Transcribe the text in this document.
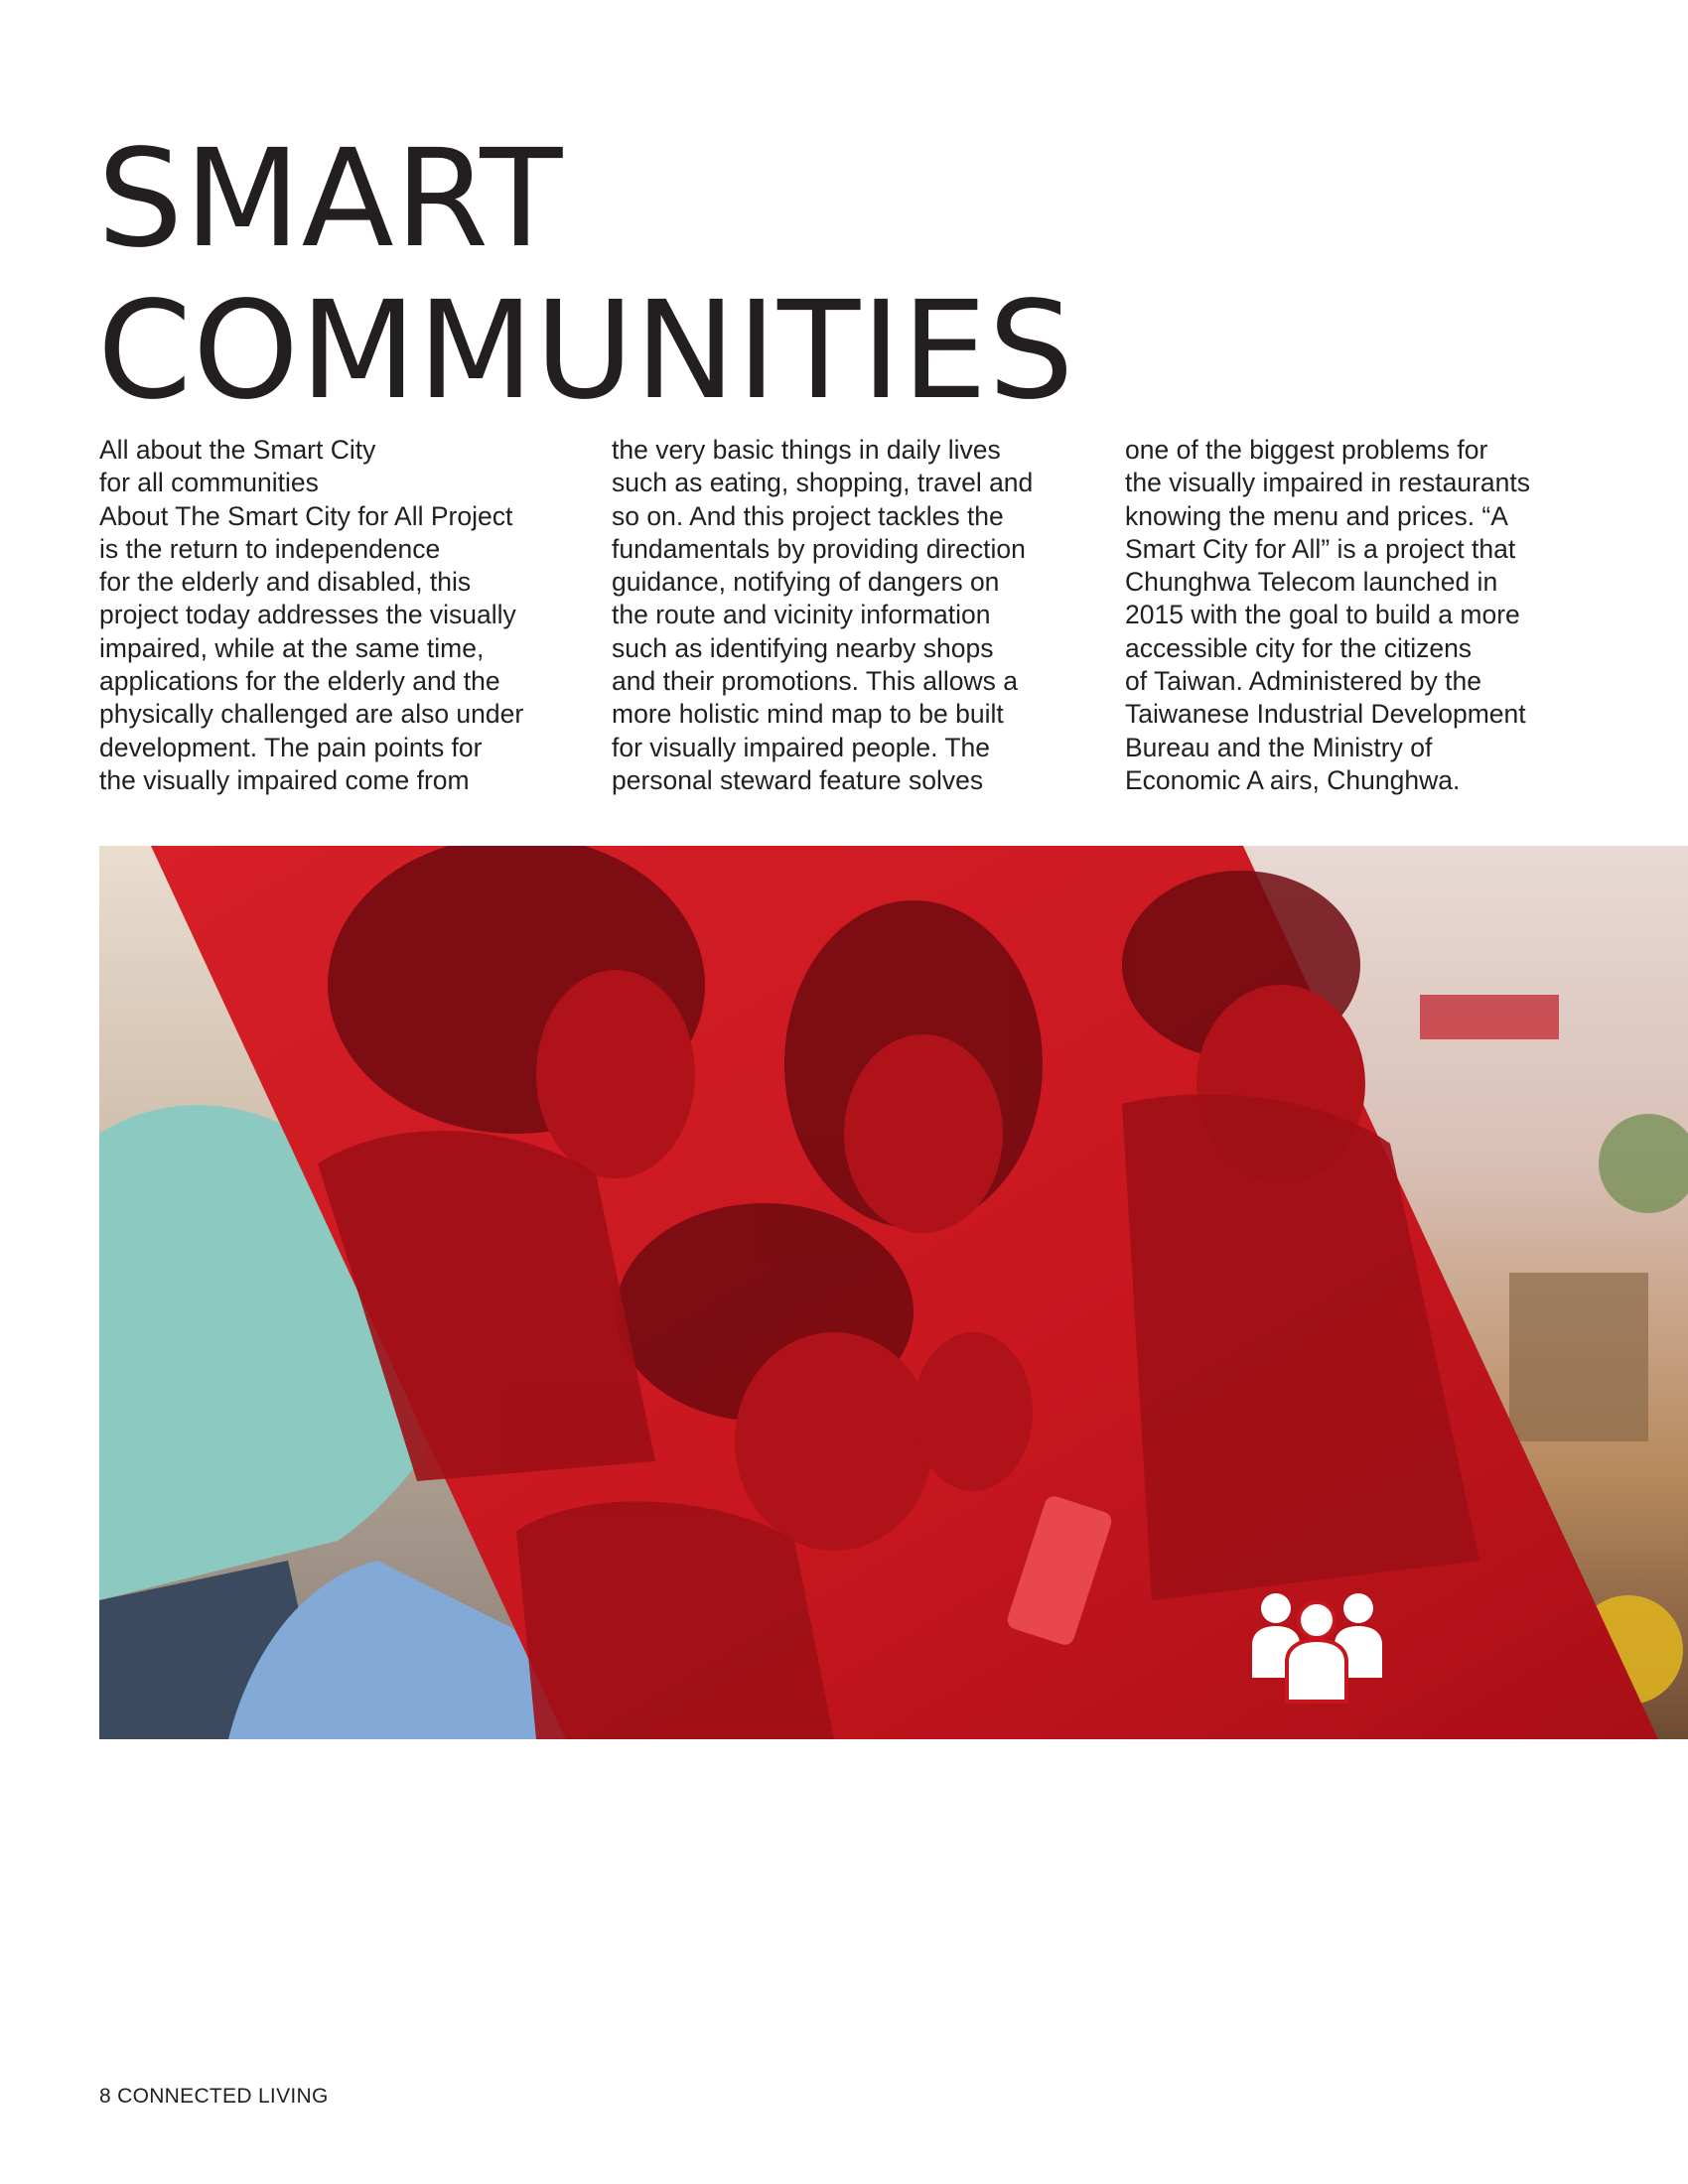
SMART
COMMUNITIES

All about the Smart City
for all communities
About The Smart City for All Project
is the return to independence
for the elderly and disabled, this
project today addresses the visually
impaired, while at the same time,
applications for the elderly and the
physically challenged are also under
development. The pain points for
the visually impaired come from

the very basic things in daily lives
such as eating, shopping, travel and
so on. And this project tackles the
fundamentals by providing direction
guidance, notifying of dangers on
the route and vicinity information
such as identifying nearby shops
and their promotions. This allows a
more holistic mind map to be built
for visually impaired people. The
personal steward feature solves

one of the biggest problems for
the visually impaired in restaurants
knowing the menu and prices. “A
Smart City for All” is a project that
Chunghwa Telecom launched in
2015 with the goal to build a more
accessible city for the citizens
of Taiwan. Administered by the
Taiwanese Industrial Development
Bureau and the Ministry of
Economic A airs, Chunghwa.

8 CONNECTED LIVING
